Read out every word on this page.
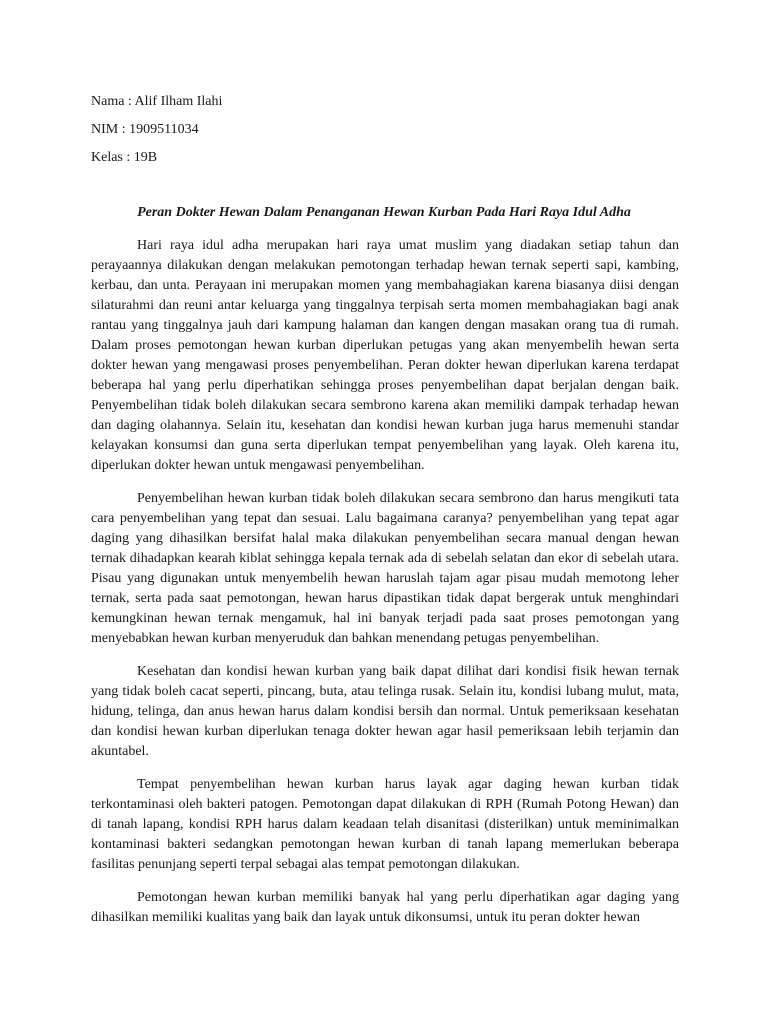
Nama : Alif Ilham Ilahi

NIM : 1909511034

Kelas : 19B

Peran Dokter Hewan Dalam Penanganan Hewan Kurban Pada Hari Raya Idul Adha

Hari raya idul adha merupakan hari raya umat muslim yang diadakan setiap tahun dan perayaannya dilakukan dengan melakukan pemotongan terhadap hewan ternak seperti sapi, kambing, kerbau, dan unta. Perayaan ini merupakan momen yang membahagiakan karena biasanya diisi dengan silaturahmi dan reuni antar keluarga yang tinggalnya terpisah serta momen membahagiakan bagi anak rantau yang tinggalnya jauh dari kampung halaman dan kangen dengan masakan orang tua di rumah. Dalam proses pemotongan hewan kurban diperlukan petugas yang akan menyembelih hewan serta dokter hewan yang mengawasi proses penyembelihan. Peran dokter hewan diperlukan karena terdapat beberapa hal yang perlu diperhatikan sehingga proses penyembelihan dapat berjalan dengan baik. Penyembelihan tidak boleh dilakukan secara sembrono karena akan memiliki dampak terhadap hewan dan daging olahannya. Selain itu, kesehatan dan kondisi hewan kurban juga harus memenuhi standar kelayakan konsumsi dan guna serta diperlukan tempat penyembelihan yang layak. Oleh karena itu, diperlukan dokter hewan untuk mengawasi penyembelihan.

Penyembelihan hewan kurban tidak boleh dilakukan secara sembrono dan harus mengikuti tata cara penyembelihan yang tepat dan sesuai. Lalu bagaimana caranya? penyembelihan yang tepat agar daging yang dihasilkan bersifat halal maka dilakukan penyembelihan secara manual dengan hewan ternak dihadapkan kearah kiblat sehingga kepala ternak ada di sebelah selatan dan ekor di sebelah utara. Pisau yang digunakan untuk menyembelih hewan haruslah tajam agar pisau mudah memotong leher ternak, serta pada saat pemotongan, hewan harus dipastikan tidak dapat bergerak untuk menghindari kemungkinan hewan ternak mengamuk, hal ini banyak terjadi pada saat proses pemotongan yang menyebabkan hewan kurban menyeruduk dan bahkan menendang petugas penyembelihan.

Kesehatan dan kondisi hewan kurban yang baik dapat dilihat dari kondisi fisik hewan ternak yang tidak boleh cacat seperti, pincang, buta, atau telinga rusak. Selain itu, kondisi lubang mulut, mata, hidung, telinga, dan anus hewan harus dalam kondisi bersih dan normal. Untuk pemeriksaan kesehatan dan kondisi hewan kurban diperlukan tenaga dokter hewan agar hasil pemeriksaan lebih terjamin dan akuntabel.

Tempat penyembelihan hewan kurban harus layak agar daging hewan kurban tidak terkontaminasi oleh bakteri patogen. Pemotongan dapat dilakukan di RPH (Rumah Potong Hewan) dan di tanah lapang, kondisi RPH harus dalam keadaan telah disanitasi (disterilkan) untuk meminimalkan kontaminasi bakteri sedangkan pemotongan hewan kurban di tanah lapang memerlukan beberapa fasilitas penunjang seperti terpal sebagai alas tempat pemotongan dilakukan.

Pemotongan hewan kurban memiliki banyak hal yang perlu diperhatikan agar daging yang dihasilkan memiliki kualitas yang baik dan layak untuk dikonsumsi, untuk itu peran dokter hewan
